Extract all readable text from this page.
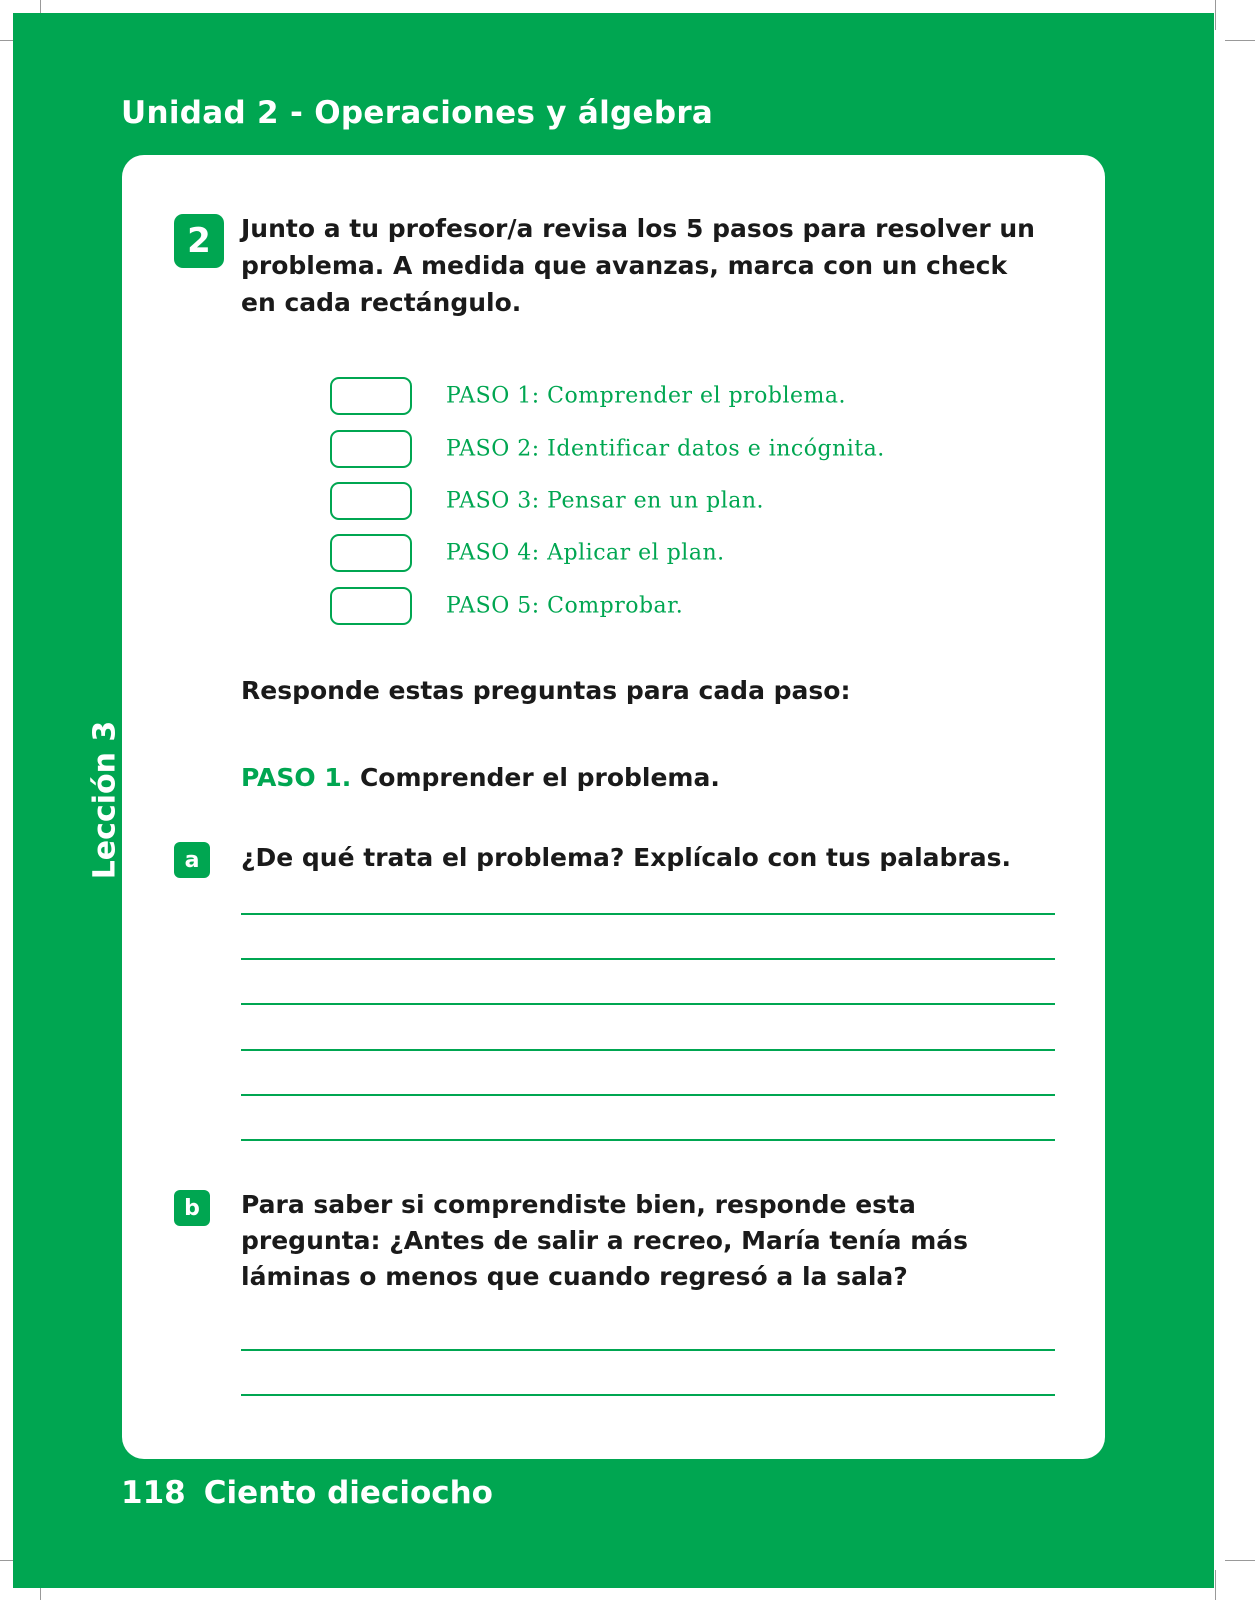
Unidad 2 - Operaciones y álgebra
Lección 3
2	Junto a tu profesor/a revisa los 5 pasos para resolver un problema. A medida que avanzas, marca con un check en cada rectángulo.
PASO 1: Comprender el problema.
PASO 2: Identificar datos e incógnita.
PASO 3: Pensar en un plan.
PASO 4: Aplicar el plan.
PASO 5: Comprobar.
Responde estas preguntas para cada paso:
PASO 1. Comprender el problema.
a	¿De qué trata el problema? Explícalo con tus palabras.
b	Para saber si comprendiste bien, responde esta pregunta: ¿Antes de salir a recreo, María tenía más láminas o menos que cuando regresó a la sala?
118 Ciento dieciocho
